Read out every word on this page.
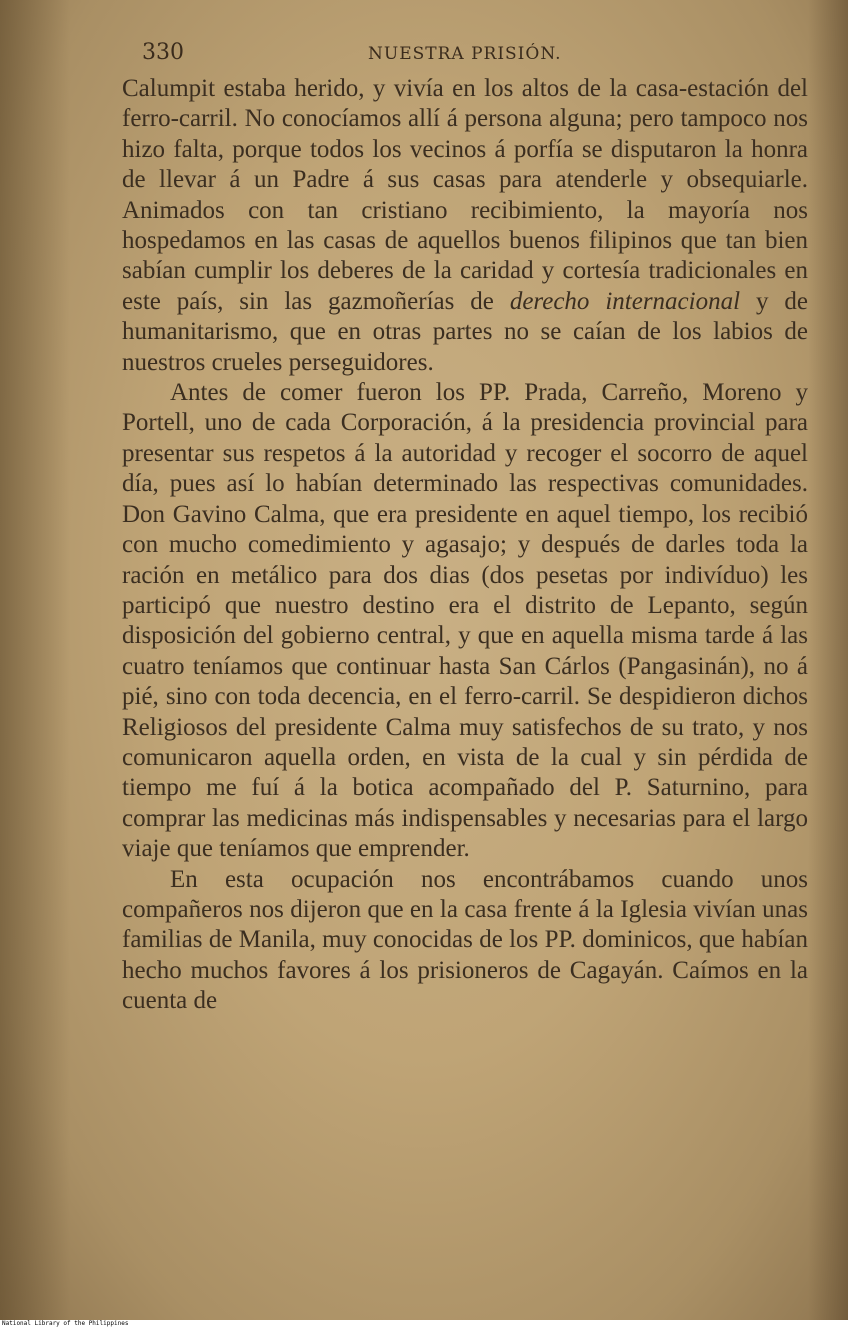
330	NUESTRA PRISIÓN.

Calumpit estaba herido, y vivía en los altos de la casa-estación del ferro-carril. No conocíamos allí á persona alguna; pero tampoco nos hizo falta, porque todos los vecinos á porfía se disputaron la honra de llevar á un Padre á sus casas para atenderle y obsequiarle. Animados con tan cristiano recibimiento, la mayoría nos hospedamos en las casas de aquellos buenos filipinos que tan bien sabían cumplir los deberes de la caridad y cortesía tradicionales en este país, sin las gazmoñerías de derecho internacional y de humanitarismo, que en otras partes no se caían de los labios de nuestros crueles perseguidores.

Antes de comer fueron los PP. Prada, Carreño, Moreno y Portell, uno de cada Corporación, á la presidencia provincial para presentar sus respetos á la autoridad y recoger el socorro de aquel día, pues así lo habían determinado las respectivas comunidades. Don Gavino Calma, que era presidente en aquel tiempo, los recibió con mucho comedimiento y agasajo; y después de darles toda la ración en metálico para dos dias (dos pesetas por indivíduo) les participó que nuestro destino era el distrito de Lepanto, según disposición del gobierno central, y que en aquella misma tarde á las cuatro teníamos que continuar hasta San Cárlos (Pangasinán), no á pié, sino con toda decencia, en el ferro-carril. Se despidieron dichos Religiosos del presidente Calma muy satisfechos de su trato, y nos comunicaron aquella orden, en vista de la cual y sin pérdida de tiempo me fuí á la botica acompañado del P. Saturnino, para comprar las medicinas más indispensables y necesarias para el largo viaje que teníamos que emprender.

En esta ocupación nos encontrábamos cuando unos compañeros nos dijeron que en la casa frente á la Iglesia vivían unas familias de Manila, muy conocidas de los PP. dominicos, que habían hecho muchos favores á los prisioneros de Cagayán. Caímos en la cuenta de

National Library of the Philippines
